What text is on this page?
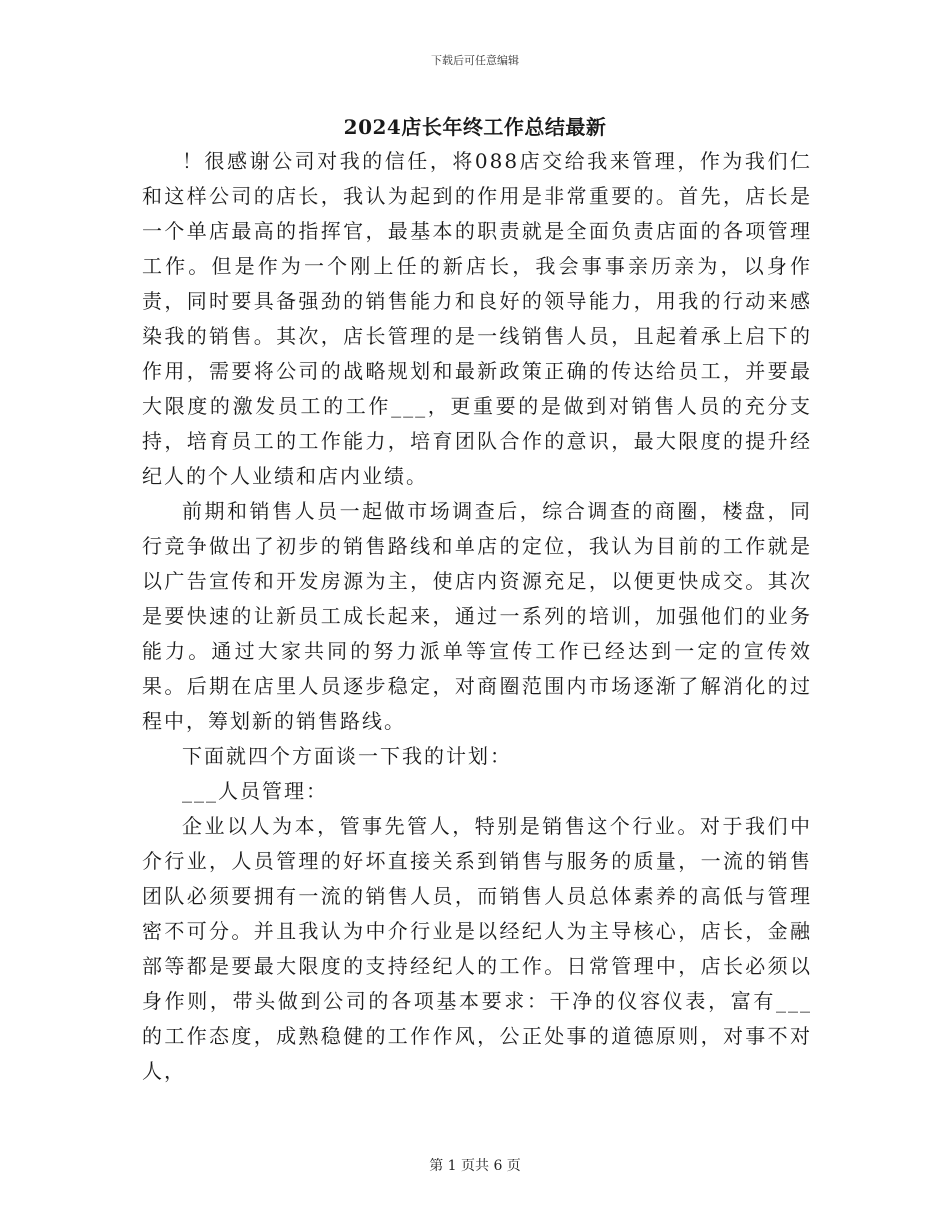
下载后可任意编辑
2024店长年终工作总结最新

！很感谢公司对我的信任，将088店交给我来管理，作为我们仁和这样公司的店长，我认为起到的作用是非常重要的。首先，店长是一个单店最高的指挥官，最基本的职责就是全面负责店面的各项管理工作。但是作为一个刚上任的新店长，我会事事亲历亲为，以身作责，同时要具备强劲的销售能力和良好的领导能力，用我的行动来感染我的销售。其次，店长管理的是一线销售人员，且起着承上启下的作用，需要将公司的战略规划和最新政策正确的传达给员工，并要最大限度的激发员工的工作___，更重要的是做到对销售人员的充分支持，培育员工的工作能力，培育团队合作的意识，最大限度的提升经纪人的个人业绩和店内业绩。

前期和销售人员一起做市场调查后，综合调查的商圈，楼盘，同行竞争做出了初步的销售路线和单店的定位，我认为目前的工作就是以广告宣传和开发房源为主，使店内资源充足，以便更快成交。其次是要快速的让新员工成长起来，通过一系列的培训，加强他们的业务能力。通过大家共同的努力派单等宣传工作已经达到一定的宣传效果。后期在店里人员逐步稳定，对商圈范围内市场逐渐了解消化的过程中，筹划新的销售路线。

下面就四个方面谈一下我的计划：

___人员管理：

企业以人为本，管事先管人，特别是销售这个行业。对于我们中介行业，人员管理的好坏直接关系到销售与服务的质量，一流的销售团队必须要拥有一流的销售人员，而销售人员总体素养的高低与管理密不可分。并且我认为中介行业是以经纪人为主导核心，店长，金融部等都是要最大限度的支持经纪人的工作。日常管理中，店长必须以身作则，带头做到公司的各项基本要求：干净的仪容仪表，富有___的工作态度，成熟稳健的工作作风，公正处事的道德原则，对事不对人，

第 1 页共 6 页
